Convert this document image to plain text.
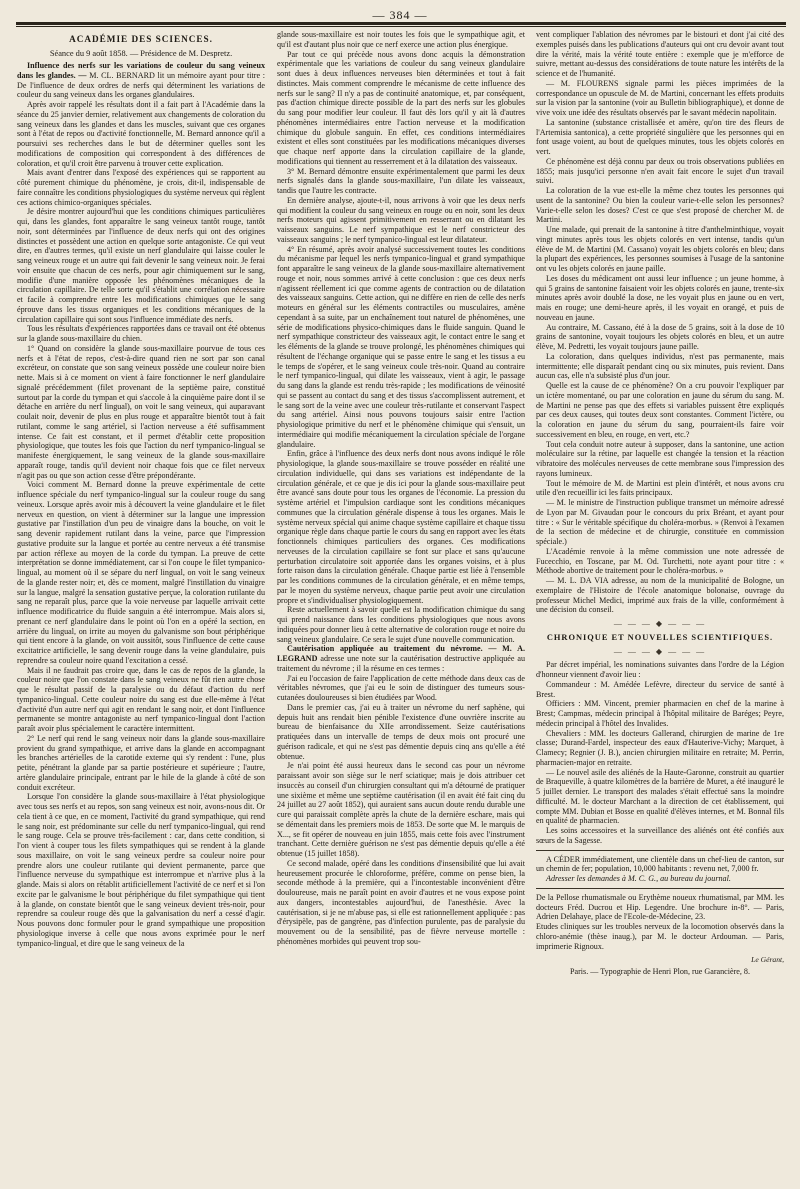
— 384 —
ACADÉMIE DES SCIENCES.
Séance du 9 août 1858. — Présidence de M. Despretz.

Influence des nerfs sur les variations de couleur du sang veineux dans les glandes. — M. CL. BERNARD lit un mémoire ayant pour titre : De l'influence de deux ordres de nerfs qui déterminent les variations de couleur du sang veineux dans les organes glandulaires.

Après avoir rappelé les résultats dont il a fait part à l'Académie dans la séance du 25 janvier dernier, relativement aux changements de coloration du sang veineux dans les glandes et dans les muscles, suivant que ces organes sont à l'état de repos ou d'activité fonctionnelle, M. Bernard annonce qu'il a poursuivi ses recherches dans le but de déterminer quelles sont les modifications de composition qui correspondent à des différences de coloration, et qu'il croit être parvenu à trouver cette explication.

Mais avant d'entrer dans l'exposé des expériences qui se rapportent au côté purement chimique du phénomène, je crois, dit-il, indispensable de faire connaître les conditions physiologiques du système nerveux qui règlent ces actions chimico-organiques spéciales.

Je désire montrer aujourd'hui que les conditions chimiques particulières qui, dans les glandes, font apparaître le sang veineux tantôt rouge, tantôt noir, sont déterminées par l'influence de deux nerfs qui ont des origines distinctes et possèdent une action en quelque sorte antagoniste. Ce qui veut dire, en d'autres termes, qu'il existe un nerf glandulaire qui laisse couler le sang veineux rouge et un autre qui fait devenir le sang veineux noir. Je ferai voir ensuite que chacun de ces nerfs, pour agir chimiquement sur le sang, modifie d'une manière opposée les phénomènes mécaniques de la circulation capillaire. De telle sorte qu'il s'établit une corrélation nécessaire et facile à comprendre entre les modifications chimiques que le sang éprouve dans les tissus organiques et les conditions mécaniques de la circulation capillaire qui sont sous l'influence immédiate des nerfs.

Tous les résultats d'expériences rapportées dans ce travail ont été obtenus sur la glande sous-maxillaire du chien.

1° Quand on considère la glande sous-maxillaire pourvue de tous ces nerfs et à l'état de repos, c'est-à-dire quand rien ne sort par son canal excréteur, on constate que son sang veineux possède une couleur noire bien nette. Mais si à ce moment on vient à faire fonctionner le nerf glandulaire signalé précédemment (filet provenant de la septième paire, constitué surtout par la corde du tympan et qui s'accole à la cinquième paire dont il se détache en arrière du nerf lingual), on voit le sang veineux, qui auparavant coulait noir, devenir de plus en plus rouge et apparaître bientôt tout à fait rutilant, comme le sang artériel, si l'action nerveuse a été suffisamment intense. Ce fait est constant, et il permet d'établir cette proposition physiologique, que toutes les fois que l'action du nerf tympanico-lingual se manifeste énergiquement, le sang veineux de la glande sous-maxillaire apparaît rouge, tandis qu'il devient noir chaque fois que ce filet nerveux n'agit pas ou que son action cesse d'être prépondérante.

Voici comment M. Bernard donne la preuve expérimentale de cette influence spéciale du nerf tympanico-lingual sur la couleur rouge du sang veineux. Lorsque après avoir mis à découvert la veine glandulaire et le filet nerveux en question, on vient à déterminer sur la langue une impression gustative par l'instillation d'un peu de vinaigre dans la bouche, on voit le sang devenir rapidement rutilant dans la veine, parce que l'impression gustative produite sur la langue et portée au centre nerveux a été transmise par action réflexe au moyen de la corde du tympan. La preuve de cette interprétation se donne immédiatement, car si l'on coupe le filet tympanico-lingual, au moment où il se sépare du nerf lingual, on voit le sang veineux de la glande rester noir; et, dès ce moment, malgré l'instillation du vinaigre sur la langue, malgré la sensation gustative perçue, la coloration rutilante du sang ne reparaît plus, parce que la voie nerveuse par laquelle arrivait cette influence modificatrice du fluide sanguin a été interrompue. Mais alors si, prenant ce nerf glandulaire dans le point où l'on en a opéré la section, en arrière du lingual, on irrite au moyen du galvanisme son bout périphérique qui tient encore à la glande, on voit aussitôt, sous l'influence de cette cause excitatrice artificielle, le sang devenir rouge dans la veine glandulaire, puis reprendre sa couleur noire quand l'excitation a cessé.

Mais il ne faudrait pas croire que, dans le cas de repos de la glande, la couleur noire que l'on constate dans le sang veineux ne fût rien autre chose que le résultat passif de la paralysie ou du défaut d'action du nerf tympanico-lingual. Cette couleur noire du sang est due elle-même à l'état d'activité d'un autre nerf qui agit en rendant le sang noir, et dont l'influence permanente se montre antagoniste au nerf tympanico-lingual dont l'action paraît avoir plus spécialement le caractère intermittent.

2° Le nerf qui rend le sang veineux noir dans la glande sous-maxillaire provient du grand sympathique, et arrive dans la glande en accompagnant les branches artérielles de la carotide externe qui s'y rendent : l'une, plus petite, pénétrant la glande par sa partie postérieure et supérieure ; l'autre, artère glandulaire principale, entrant par le hile de la glande à côté de son conduit excréteur.

Lorsque l'on considère la glande sous-maxillaire à l'état physiologique avec tous ses nerfs et au repos, son sang veineux est noir, avons-nous dit. Or cela tient à ce que, en ce moment, l'activité du grand sympathique, qui rend le sang noir, est prédominante sur celle du nerf tympanico-lingual, qui rend le sang rouge. Cela se prouve très-facilement : car, dans cette condition, si l'on vient à couper tous les filets sympathiques qui se rendent à la glande sous maxillaire, on voit le sang veineux perdre sa couleur noire pour prendre alors une couleur rutilante qui devient permanente, parce que l'influence nerveuse du sympathique est interrompue et n'arrive plus à la glande. Mais si alors on rétablit artificiellement l'activité de ce nerf et si l'on excite par le galvanisme le bout périphérique du filet sympathique qui tient à la glande, on constate bientôt que le sang veineux devient très-noir, pour reprendre sa couleur rouge dès que la galvanisation du nerf a cessé d'agir. Nous pouvons donc formuler pour le grand sympathique une proposition physiologique inverse à celle que nous avons exprimée pour le nerf tympanico-lingual, et dire que le sang veineux de la

glande sous-maxillaire est noir toutes les fois que le sympathique agit, et qu'il est d'autant plus noir que ce nerf exerce une action plus énergique.

Par tout ce qui précède nous avons donc acquis la démonstration expérimentale que les variations de couleur du sang veineux glandulaire sont dues à deux influences nerveuses bien déterminées et tout à fait distinctes. Mais comment comprendre le mécanisme de cette influence des nerfs sur le sang? Il n'y a pas de continuité anatomique, et, par conséquent, pas d'action chimique directe possible de la part des nerfs sur les globules du sang pour modifier leur couleur. Il faut dès lors qu'il y ait là d'autres phénomènes intermédiaires entre l'action nerveuse et la modification chimique du globule sanguin. En effet, ces conditions intermédiaires existent et elles sont constituées par les modifications mécaniques diverses que chaque nerf apporte dans la circulation capillaire de la glande, modifications qui tiennent au resserrement et à la dilatation des vaisseaux.

3° M. Bernard démontre ensuite expérimentalement que parmi les deux nerfs signalés dans la glande sous-maxillaire, l'un dilate les vaisseaux, tandis que l'autre les contracte.

En dernière analyse, ajoute-t-il, nous arrivons à voir que les deux nerfs qui modifient la couleur du sang veineux en rouge ou en noir, sont les deux nerfs moteurs qui agissent primitivement en resserrant ou en dilatant les vaisseaux sanguins. Le nerf sympathique est le nerf constricteur des vaisseaux sanguins ; le nerf tympanico-lingual est leur dilatateur.

4° En résumé, après avoir analysé successivement toutes les conditions du mécanisme par lequel les nerfs tympanico-lingual et grand sympathique font apparaître le sang veineux de la glande sous-maxillaire alternativement rouge et noir, nous sommes arrivé à cette conclusion : que ces deux nerfs n'agissent réellement ici que comme agents de contraction ou de dilatation des vaisseaux sanguins. Cette action, qui ne diffère en rien de celle des nerfs moteurs en général sur les éléments contractiles ou musculaires, amène cependant à sa suite, par un enchaînement tout naturel de phénomènes, une série de modifications physico-chimiques dans le fluide sanguin. Quand le nerf sympathique constricteur des vaisseaux agit, le contact entre le sang et les éléments de la glande se trouve prolongé, les phénomènes chimiques qui résultent de l'échange organique qui se passe entre le sang et les tissus a eu le temps de s'opérer, et le sang veineux coule très-noir. Quand au contraire le nerf tympanico-lingual, qui dilate les vaisseaux, vient à agir, le passage du sang dans la glande est rendu très-rapide ; les modifications de véinosité qui se passent au contact du sang et des tissus s'accomplissent autrement, et le sang sort de la veine avec une couleur très-rutilante et conservant l'aspect du sang artériel. Ainsi nous pouvons toujours saisir entre l'action physiologique primitive du nerf et le phénomène chimique qui s'ensuit, un intermédiaire qui modifie mécaniquement la circulation spéciale de l'organe glandulaire.

Enfin, grâce à l'influence des deux nerfs dont nous avons indiqué le rôle physiologique, la glande sous-maxillaire se trouve posséder en réalité une circulation individuelle, qui dans ses variations est indépendante de la circulation générale, et ce que je dis ici pour la glande sous-maxillaire peut être avancé sans doute pour tous les organes de l'économie. La pression du système artériel et l'impulsion cardiaque sont les conditions mécaniques communes que la circulation générale dispense à tous les organes. Mais le système nerveux spécial qui anime chaque système capillaire et chaque tissu organique règle dans chaque partie le cours du sang en rapport avec les états fonctionnels chimiques particuliers des organes. Ces modifications nerveuses de la circulation capillaire se font sur place et sans qu'aucune perturbation circulatoire soit apportée dans les organes voisins, et à plus forte raison dans la circulation générale. Chaque partie est liée à l'ensemble par les conditions communes de la circulation générale, et en même temps, par le moyen du système nerveux, chaque partie peut avoir une circulation propre et s'individualiser physiologiquement.

Reste actuellement à savoir quelle est la modification chimique du sang qui prend naissance dans les conditions physiologiques que nous avons indiquées pour donner lieu à cette alternative de coloration rouge et noire du sang veineux glandulaire. Ce sera le sujet d'une nouvelle communication.

Cautérisation appliquée au traitement du névrome. — M. A. LEGRAND adresse une note sur la cautérisation destructive appliquée au traitement du névrome ; il la résume en ces termes :

J'ai eu l'occasion de faire l'application de cette méthode dans deux cas de véritables névromes, que j'ai eu le soin de distinguer des tumeurs sous-cutanées douloureuses si bien étudiées par Wood.

Dans le premier cas, j'ai eu à traiter un névrome du nerf saphène, qui depuis huit ans rendait bien pénible l'existence d'une ouvrière inscrite au bureau de bienfaisance du XIIe arrondissement. Seize cautérisations pratiquées dans un intervalle de temps de deux mois ont procuré une guérison radicale, et qui ne s'est pas démentie depuis cinq ans qu'elle a été obtenue.

Je n'ai point été aussi heureux dans le second cas pour un névrome paraissant avoir son siège sur le nerf sciatique; mais je dois attribuer cet insuccès au conseil d'un chirurgien consultant qui m'a détourné de pratiquer une sixième et même une septième cautérisation (il en avait été fait cinq du 24 juillet au 27 août 1852), qui auraient sans aucun doute rendu durable une cure qui paraissait complète après la chute de la dernière eschare, mais qui se démentait dans les premiers mois de 1853. De sorte que M. le marquis de X..., se fit opérer de nouveau en juin 1855, mais cette fois avec l'instrument tranchant. Cette dernière guérison ne s'est pas démentie depuis qu'elle a été obtenue (15 juillet 1858).

Ce second malade, opéré dans les conditions d'insensibilité que lui avait heureusement procurée le chloroforme, préfère, comme on pense bien, la seconde méthode à la première, qui a l'incontestable inconvénient d'être douloureuse, mais ne paraît point en avoir d'autres et ne vous expose point aux dangers, incontestables aujourd'hui, de l'anesthésie. Avec la cautérisation, si je ne m'abuse pas, si elle est rationnellement appliquée : pas d'érysipèle, pas de gangrène, pas d'infection purulente, pas de paralysie du mouvement ou de la sensibilité, pas de fièvre nerveuse mortelle : phénomènes morbides qui peuvent trop sou-

vent compliquer l'ablation des névromes par le bistouri et dont j'ai cité des exemples puisés dans les publications d'auteurs qui ont cru devoir avant tout dire la vérité, mais la vérité toute entière : exemple que je m'efforce de suivre, mettant au-dessus des considérations de toute nature les intérêts de la science et de l'humanité.

— M. FLOURENS signale parmi les pièces imprimées de la correspondance un opuscule de M. de Martini, concernant les effets produits sur la vision par la santonine (voir au Bulletin bibliographique), et donne de vive voix une idée des résultats observés par le savant médecin napolitain.

La santonine (substance cristallisée et amère, qu'on tire des fleurs de l'Artemisia santonica), a cette propriété singulière que les personnes qui en font usage voient, au bout de quelques minutes, tous les objets colorés en vert.

Ce phénomène est déjà connu par deux ou trois observations publiées en 1855; mais jusqu'ici personne n'en avait fait encore le sujet d'un travail suivi.

La coloration de la vue est-elle la même chez toutes les personnes qui usent de la santonine? Ou bien la couleur varie-t-elle selon les personnes? Varie-t-elle selon les doses? C'est ce que s'est proposé de chercher M. de Martini.

Une malade, qui prenait de la santonine à titre d'anthelminthique, voyait vingt minutes après tous les objets colorés en vert intense, tandis qu'un élève de M. de Martini (M. Cassano) voyait les objets colorés en bleu; dans la plupart des expériences, les personnes soumises à l'usage de la santonine ont vu les objets colorés en jaune paille.

Les doses du médicament ont aussi leur influence ; un jeune homme, à qui 5 grains de santonine faisaient voir les objets colorés en jaune, trente-six minutes après avoir doublé la dose, ne les voyait plus en jaune ou en vert, mais en rouge; une demi-heure après, il les voyait en orangé, et puis de nouveau en jaune.

Au contraire, M. Cassano, été à la dose de 5 grains, soit à la dose de 10 grains de santonine, voyait toujours les objets colorés en bleu, et un autre élève, M. Pedretti, les voyait toujours jaune paille.

La coloration, dans quelques individus, n'est pas permanente, mais intermittente; elle disparaît pendant cinq ou six minutes, puis revient. Dans aucun cas, elle n'a subsisté plus d'un jour.

Quelle est la cause de ce phénomène? On a cru pouvoir l'expliquer par un ictère momentané, ou par une coloration en jaune du sérum du sang. M. de Martini ne pense pas que des effets si variables puissent être expliqués par ces deux causes, qui toutes deux sont constantes. Comment l'ictère, ou la coloration en jaune du sérum du sang, pourraient-ils faire voir successivement en bleu, en rouge, en vert, etc.?

Tout cela conduit notre auteur à supposer, dans la santonine, une action moléculaire sur la rétine, par laquelle est changée la tension et la réaction vibratoire des molécules nerveuses de cette membrane sous l'impression des rayons lumineux.

Tout le mémoire de M. de Martini est plein d'intérêt, et nous avons cru utile d'en recueillir ici les faits principaux.

— M. le ministre de l'instruction publique transmet un mémoire adressé de Lyon par M. Givaudan pour le concours du prix Bréant, et ayant pour titre : « Sur le véritable spécifique du choléra-morbus. » (Renvoi à l'examen de la section de médecine et de chirurgie, constituée en commission spéciale.)

L'Académie renvoie à la même commission une note adressée de Fucecchio, en Toscane, par M. Od. Turchetti, note ayant pour titre : « Méthode abortive de traitement pour le choléra-morbus. »

— M. L. DA VIA adresse, au nom de la municipalité de Bologne, un exemplaire de l'Histoire de l'école anatomique bolonaise, ouvrage du professeur Michel Medici, imprimé aux frais de la ville, conformément à une décision du conseil.

— — — ◆ — — —
CHRONIQUE ET NOUVELLES SCIENTIFIQUES.
— — — ◆ — — —

Par décret impérial, les nominations suivantes dans l'ordre de la Légion d'honneur viennent d'avoir lieu :

Commandeur : M. Amédée Lefèvre, directeur du service de santé à Brest.

Officiers : MM. Vincent, premier pharmacien en chef de la marine à Brest; Campmas, médecin principal à l'hôpital militaire de Baréges; Peyre, médecin principal à l'hôtel des Invalides.

Chevaliers : MM. les docteurs Gallerand, chirurgien de marine de 1re classe; Durand-Fardel, inspecteur des eaux d'Hauterive-Vichy; Marquet, à Clamecy; Regnier (J. B.), ancien chirurgien militaire en retraite; M. Perrin, pharmacien-major en retraite.

— Le nouvel asile des aliénés de la Haute-Garonne, construit au quartier de Braqueville, à quatre kilomètres de la barrière de Muret, a été inauguré le 5 juillet dernier. Le transport des malades s'était effectué sans la moindre difficulté. M. le docteur Marchant a la direction de cet établissement, qui compte MM. Dubian et Bosse en qualité d'élèves internes, et M. Bonnal fils en qualité de pharmacien.

Les soins accessoires et la surveillance des aliénés ont été confiés aux sœurs de la Sagesse.

A CÉDER immédiatement, une clientèle dans un chef-lieu de canton, sur un chemin de fer; population, 10,000 habitants : revenu net, 7,000 fr.

Adresser les demandes à M. C. G., au bureau du journal.

De la Pellose rhumatismale ou Erythème noueux rhumatismal, par MM. les docteurs Fréd. Ducrou et Hip. Legendre. Une brochure in-8°. — Paris, Adrien Delahaye, place de l'Ecole-de-Médecine, 23.

Etudes cliniques sur les troubles nerveux de la locomotion observés dans la chloro-anémie (thèse inaug.), par M. le docteur Ardouman. — Paris, imprimerie Rignoux.

Le Gérant,
Paris. — Typographie de Henri Plon, rue Garancière, 8.
